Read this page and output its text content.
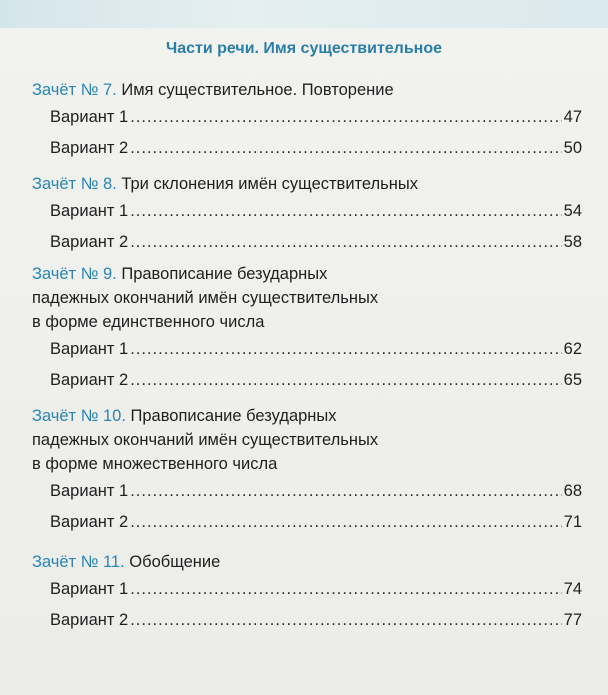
Части речи. Имя существительное
Зачёт № 7. Имя существительное. Повторение
Вариант 1 .....	47
Вариант 2 .....	50
Зачёт № 8. Три склонения имён существительных
Вариант 1 .....	54
Вариант 2 .....	58
Зачёт № 9. Правописание безударных
падежных окончаний имён существительных
в форме единственного числа
Вариант 1 .....	62
Вариант 2 .....	65
Зачёт № 10. Правописание безударных
падежных окончаний имён существительных
в форме множественного числа
Вариант 1 .....	68
Вариант 2 .....	71
Зачёт № 11. Обобщение
Вариант 1 .....	74
Вариант 2 .....	77
